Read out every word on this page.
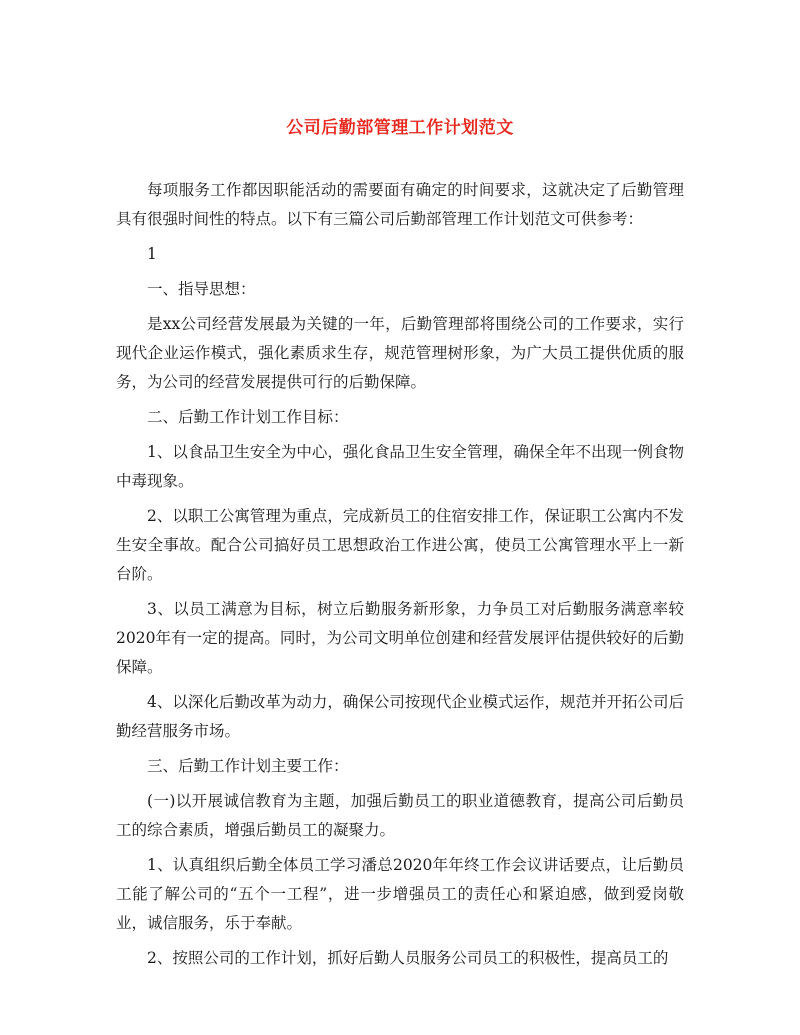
公司后勤部管理工作计划范文

每项服务工作都因职能活动的需要面有确定的时间要求，这就决定了后勤管理具有很强时间性的特点。以下有三篇公司后勤部管理工作计划范文可供参考：

1

一、指导思想：

是xx公司经营发展最为关键的一年，后勤管理部将围绕公司的工作要求，实行现代企业运作模式，强化素质求生存，规范管理树形象，为广大员工提供优质的服务，为公司的经营发展提供可行的后勤保障。

二、后勤工作计划工作目标：

1、以食品卫生安全为中心，强化食品卫生安全管理，确保全年不出现一例食物中毒现象。

2、以职工公寓管理为重点，完成新员工的住宿安排工作，保证职工公寓内不发生安全事故。配合公司搞好员工思想政治工作进公寓，使员工公寓管理水平上一新台阶。

3、以员工满意为目标，树立后勤服务新形象，力争员工对后勤服务满意率较2020年有一定的提高。同时，为公司文明单位创建和经营发展评估提供较好的后勤保障。

4、以深化后勤改革为动力，确保公司按现代企业模式运作，规范并开拓公司后勤经营服务市场。

三、后勤工作计划主要工作：

(一)以开展诚信教育为主题，加强后勤员工的职业道德教育，提高公司后勤员工的综合素质，增强后勤员工的凝聚力。

1、认真组织后勤全体员工学习潘总2020年年终工作会议讲话要点，让后勤员工能了解公司的“五个一工程”，进一步增强员工的责任心和紧迫感，做到爱岗敬业，诚信服务，乐于奉献。

2、按照公司的工作计划，抓好后勤人员服务公司员工的积极性，提高员工的
